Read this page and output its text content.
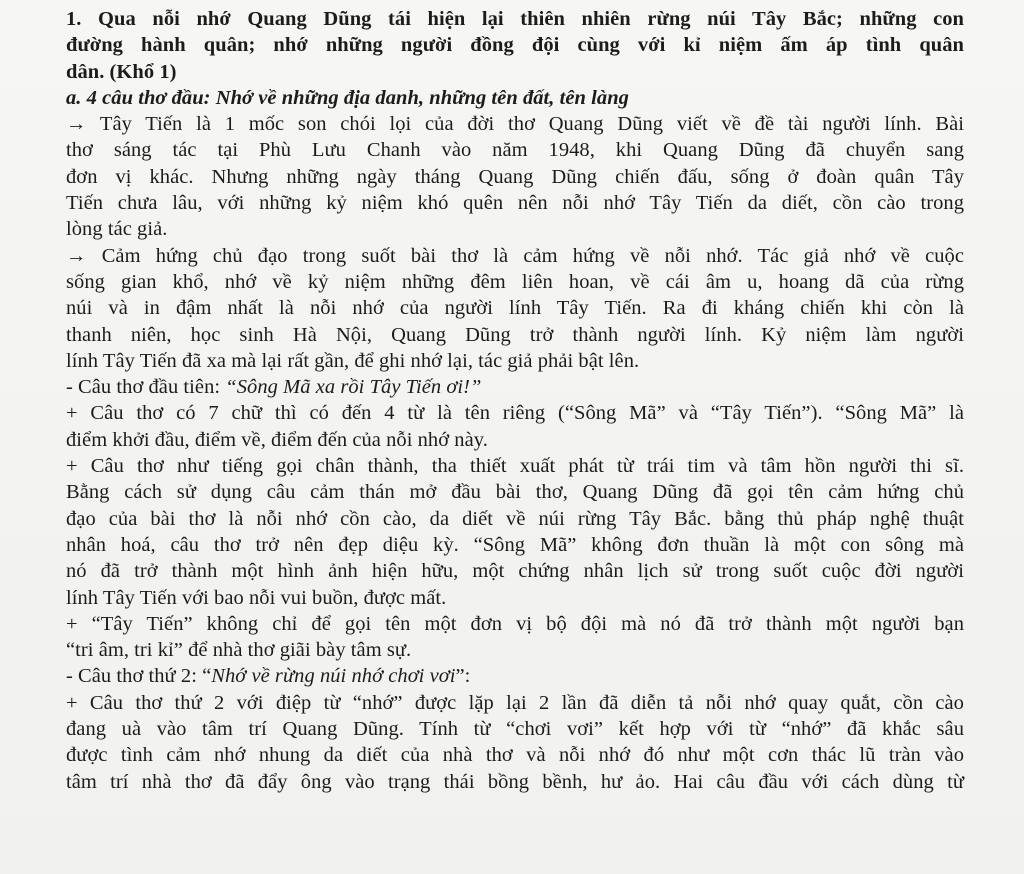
1. Qua nỗi nhớ Quang Dũng tái hiện lại thiên nhiên rừng núi Tây Bắc; những con
đường hành quân; nhớ những người đồng đội cùng với kỉ niệm ấm áp tình quân
dân. (Khổ 1)
a. 4 câu thơ đầu: Nhớ về những địa danh, những tên đất, tên làng
→ Tây Tiến là 1 mốc son chói lọi của đời thơ Quang Dũng viết về đề tài người lính. Bài
thơ sáng tác tại Phù Lưu Chanh vào năm 1948, khi Quang Dũng đã chuyển sang
đơn vị khác. Nhưng những ngày tháng Quang Dũng chiến đấu, sống ở đoàn quân Tây
Tiến chưa lâu, với những kỷ niệm khó quên nên nỗi nhớ Tây Tiến da diết, cồn cào trong
lòng tác giả.
→ Cảm hứng chủ đạo trong suốt bài thơ là cảm hứng về nỗi nhớ. Tác giả nhớ về cuộc
sống gian khổ, nhớ về kỷ niệm những đêm liên hoan, về cái âm u, hoang dã của rừng
núi và in đậm nhất là nỗi nhớ của người lính Tây Tiến. Ra đi kháng chiến khi còn là
thanh niên, học sinh Hà Nội, Quang Dũng trở thành người lính. Kỷ niệm làm người
lính Tây Tiến đã xa mà lại rất gần, để ghi nhớ lại, tác giả phải bật lên.
- Câu thơ đầu tiên: “Sông Mã xa rồi Tây Tiến ơi!”
+ Câu thơ có 7 chữ thì có đến 4 từ là tên riêng (“Sông Mã” và “Tây Tiến”). “Sông Mã” là
điểm khởi đầu, điểm về, điểm đến của nỗi nhớ này.
+ Câu thơ như tiếng gọi chân thành, tha thiết xuất phát từ trái tim và tâm hồn người thi sĩ.
Bằng cách sử dụng câu cảm thán mở đầu bài thơ, Quang Dũng đã gọi tên cảm hứng chủ
đạo của bài thơ là nỗi nhớ cồn cào, da diết về núi rừng Tây Bắc. bằng thủ pháp nghệ thuật
nhân hoá, câu thơ trở nên đẹp diệu kỳ. “Sông Mã” không đơn thuần là một con sông mà
nó đã trở thành một hình ảnh hiện hữu, một chứng nhân lịch sử trong suốt cuộc đời người
lính Tây Tiến với bao nỗi vui buồn, được mất.
+ “Tây Tiến” không chỉ để gọi tên một đơn vị bộ đội mà nó đã trở thành một người bạn
“tri âm, tri kỉ” để nhà thơ giãi bày tâm sự.
- Câu thơ thứ 2: “Nhớ về rừng núi nhớ chơi vơi”:
+ Câu thơ thứ 2 với điệp từ “nhớ” được lặp lại 2 lần đã diễn tả nỗi nhớ quay quắt, cồn cào
đang uà vào tâm trí Quang Dũng. Tính từ “chơi vơi” kết hợp với từ “nhớ” đã khắc sâu
được tình cảm nhớ nhung da diết của nhà thơ và nỗi nhớ đó như một cơn thác lũ tràn vào
tâm trí nhà thơ đã đẩy ông vào trạng thái bồng bềnh, hư ảo. Hai câu đầu với cách dùng từ
